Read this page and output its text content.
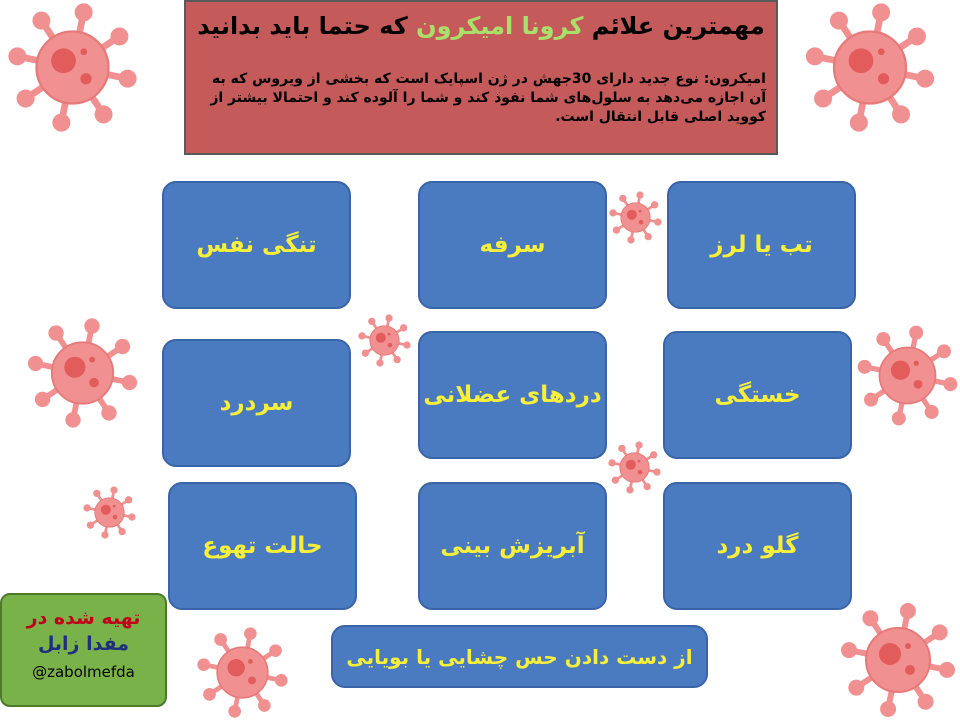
مهمترین علائم کرونا امیکرون که حتما باید بدانید
امیکرون: نوع جدید دارای 30جهش در ژن اسپایک است که بخشی از ویروس که به آن اجازه می‌دهد به سلول‌های شما نفوذ کند و شما را آلوده کند و احتمالا بیشتر از کووید اصلی قابل انتقال است.
تب یا لرز
سرفه
تنگی نفس
خستگی
دردهای عضلانی
سردرد
گلو درد
آبریزش بینی
حالت تهوع
از دست دادن حس چشایی یا بویایی
تهیه شده در
مفدا زابل
@zabolmefda
